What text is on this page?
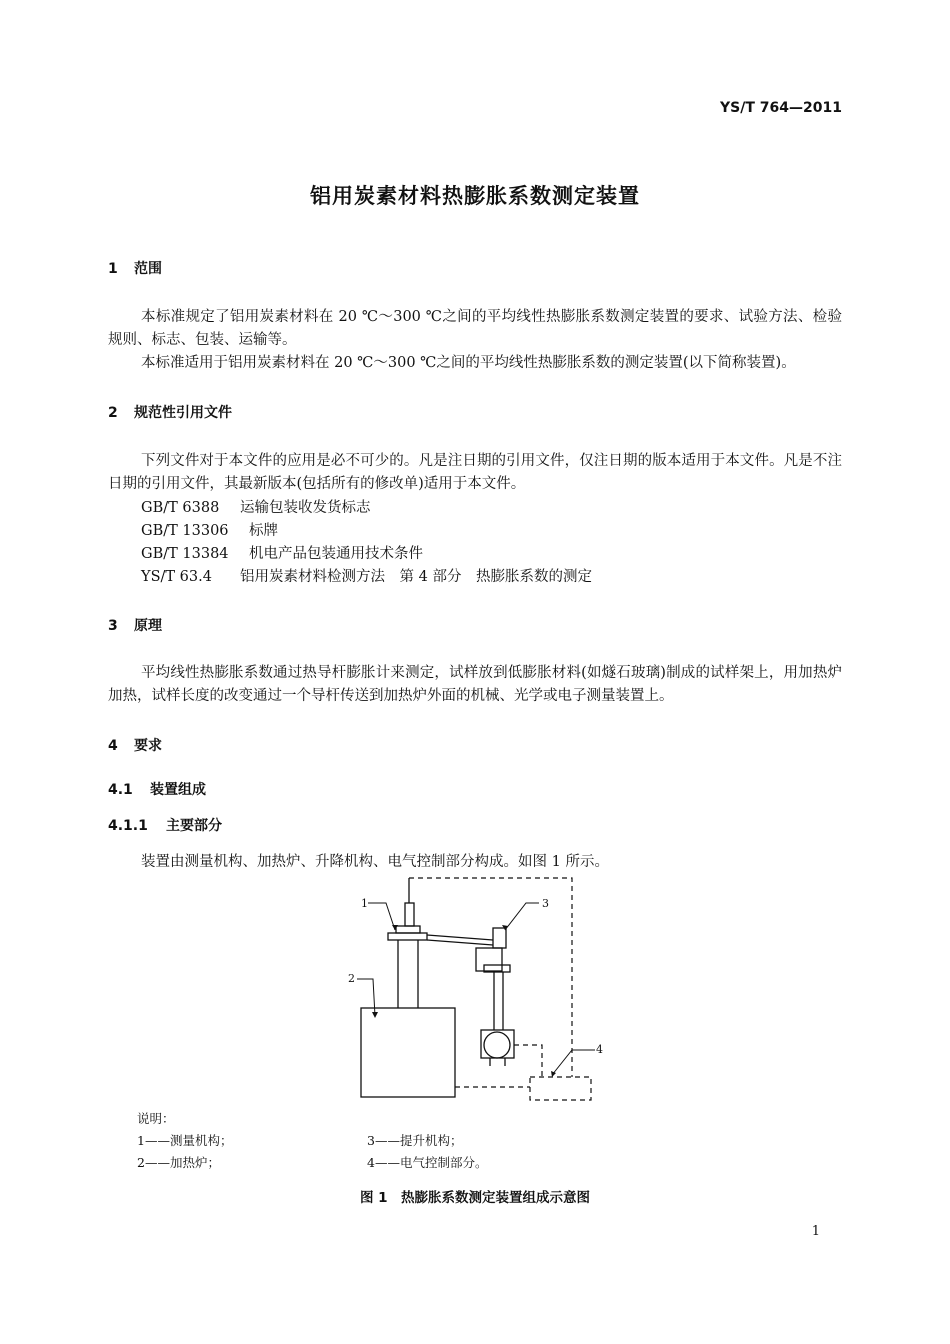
YS/T 764—2011
铝用炭素材料热膨胀系数测定装置
1 范围
本标准规定了铝用炭素材料在 20 ℃～300 ℃之间的平均线性热膨胀系数测定装置的要求、试验方法、检验规则、标志、包装、运输等。
本标准适用于铝用炭素材料在 20 ℃～300 ℃之间的平均线性热膨胀系数的测定装置(以下简称装置)。
2 规范性引用文件
下列文件对于本文件的应用是必不可少的。凡是注日期的引用文件，仅注日期的版本适用于本文件。凡是不注日期的引用文件，其最新版本(包括所有的修改单)适用于本文件。
GB/T 6388 运输包装收发货标志
GB/T 13306 标牌
GB/T 13384 机电产品包装通用技术条件
YS/T 63.4 铝用炭素材料检测方法　第 4 部分　热膨胀系数的测定
3 原理
平均线性热膨胀系数通过热导杆膨胀计来测定，试样放到低膨胀材料(如燧石玻璃)制成的试样架上，用加热炉加热，试样长度的改变通过一个导杆传送到加热炉外面的机械、光学或电子测量装置上。
4 要求
4.1 装置组成
4.1.1 主要部分
装置由测量机构、加热炉、升降机构、电气控制部分构成。如图 1 所示。
1
2
3
4
说明：
1——测量机构；	3——提升机构；
2——加热炉；	4——电气控制部分。
图 1　热膨胀系数测定装置组成示意图
1
